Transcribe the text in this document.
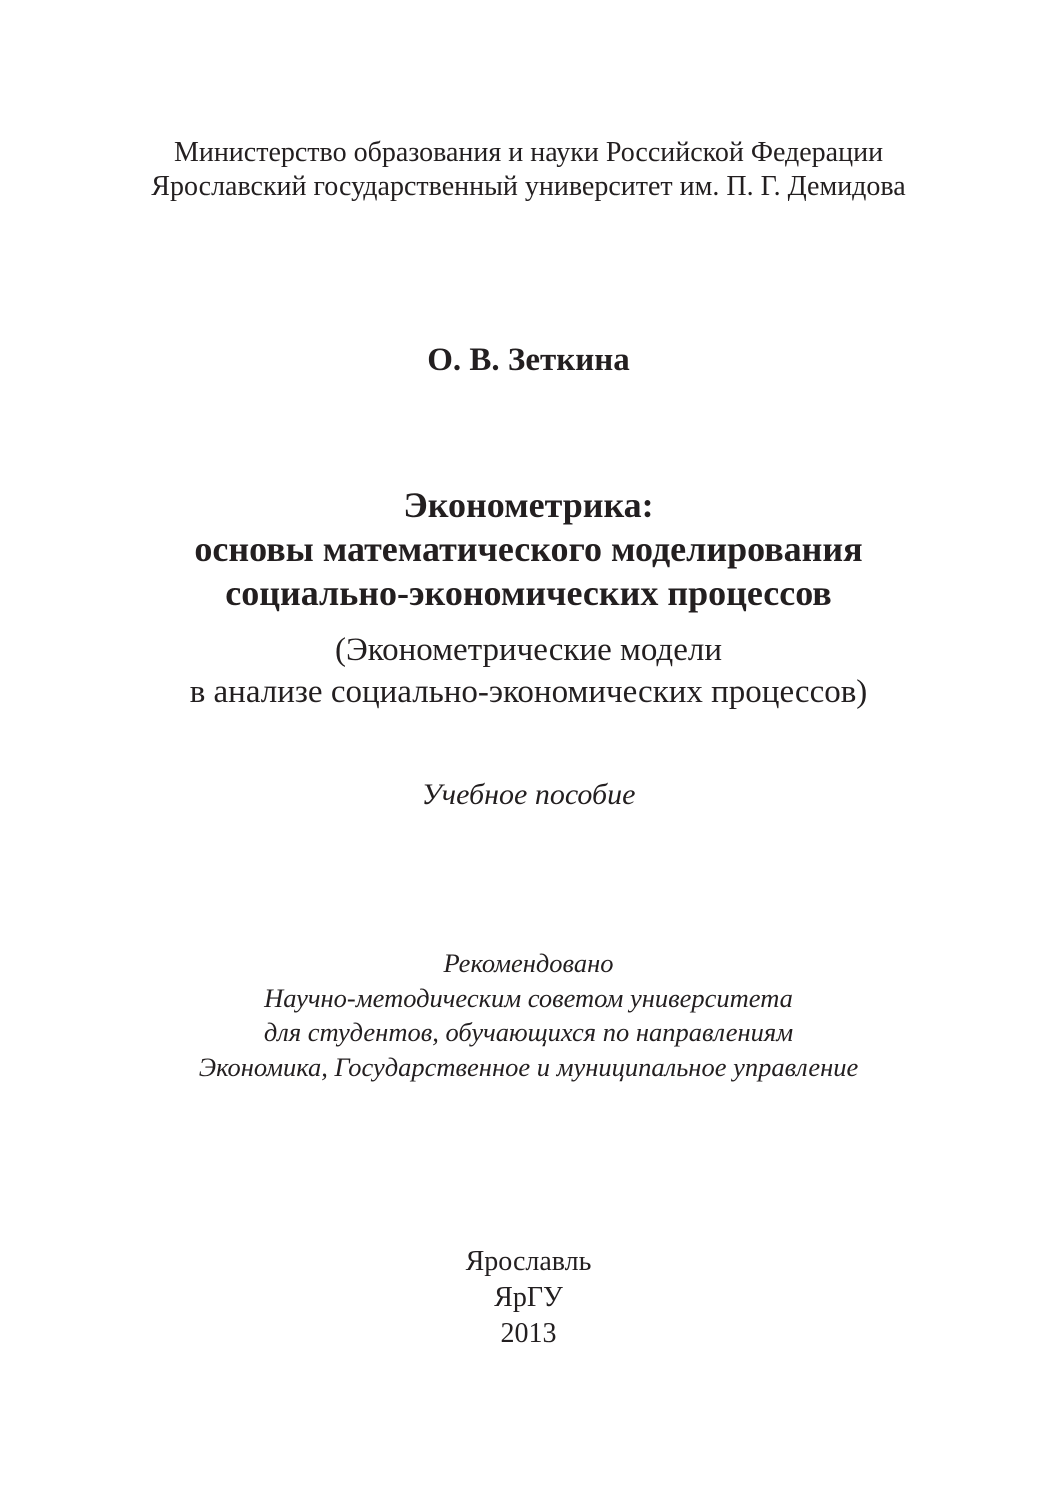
Министерство образования и науки Российской Федерации
Ярославский государственный университет им. П. Г. Демидова
О. В. Зеткина
Эконометрика:
основы математического моделирования
социально-экономических процессов
(Эконометрические модели
в анализе социально-экономических процессов)
Учебное пособие
Рекомендовано
Научно-методическим советом университета
для студентов, обучающихся по направлениям
Экономика, Государственное и муниципальное управление
Ярославль
ЯрГУ
2013
